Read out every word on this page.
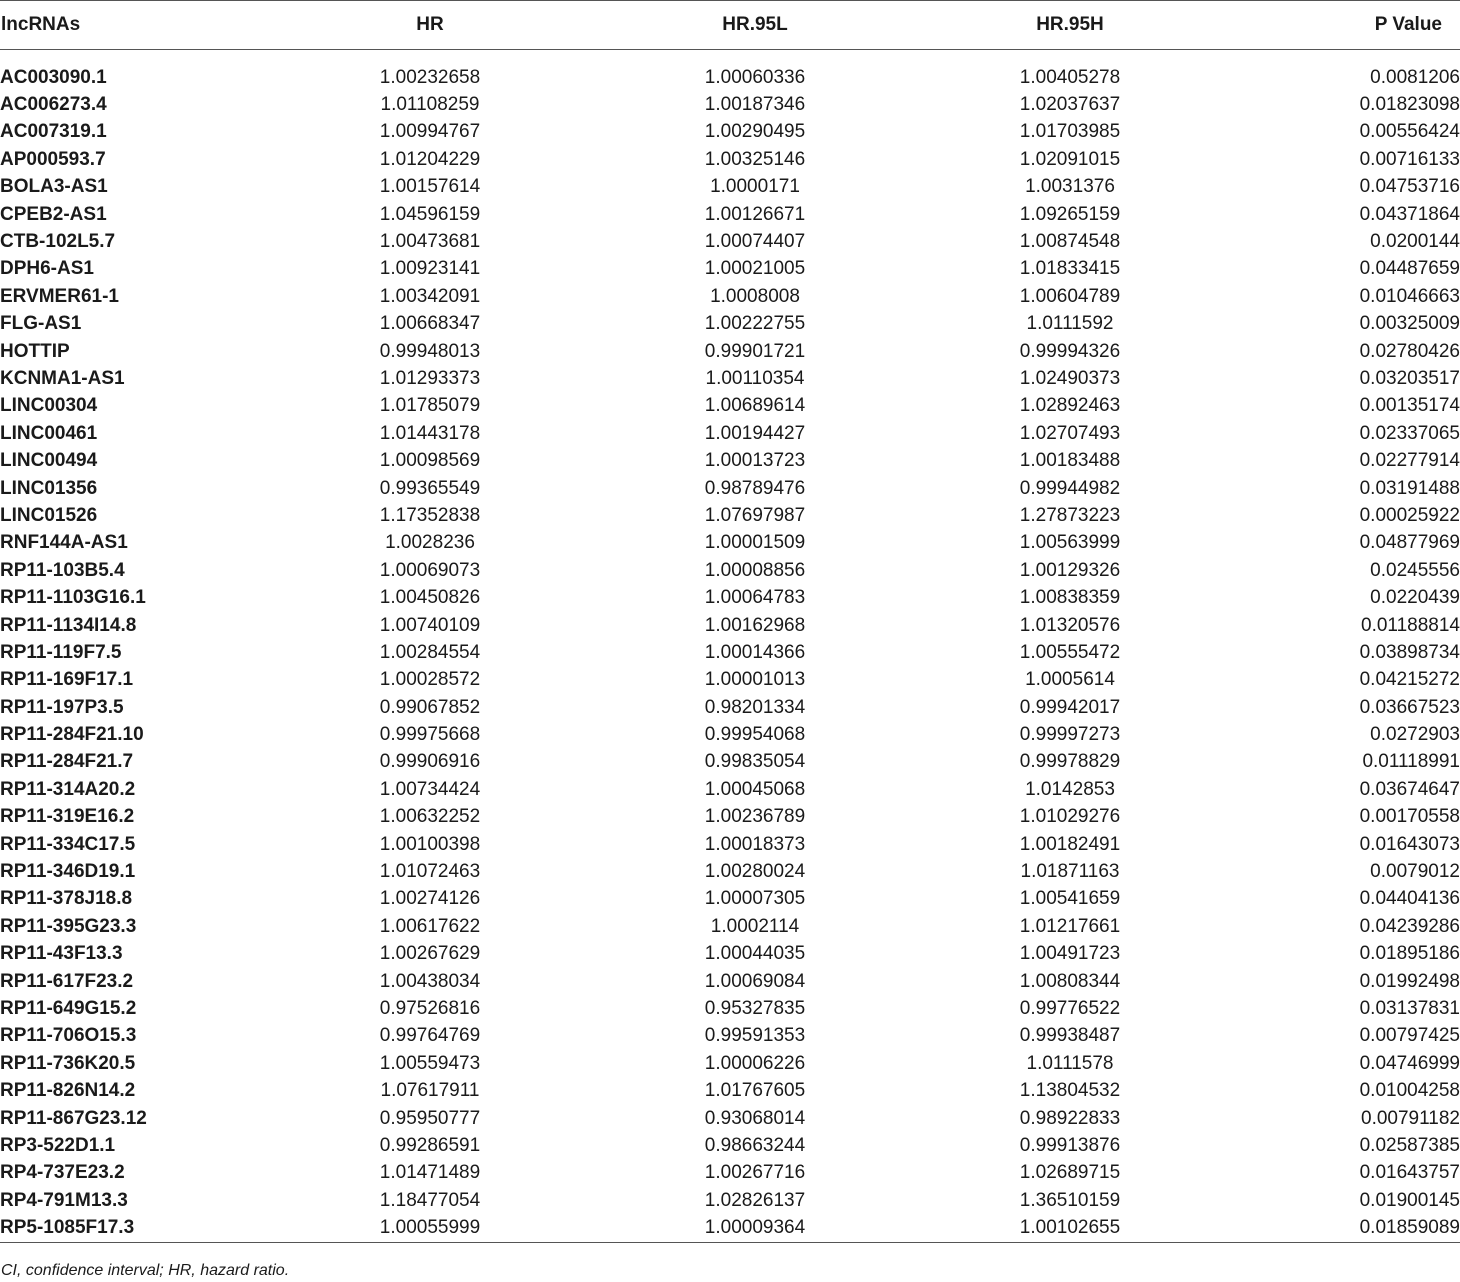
lncRNAs	HR	HR.95L	HR.95H	P Value

AC003090.1	1.00232658	1.00060336	1.00405278	0.0081206
AC006273.4	1.01108259	1.00187346	1.02037637	0.01823098
AC007319.1	1.00994767	1.00290495	1.01703985	0.00556424
AP000593.7	1.01204229	1.00325146	1.02091015	0.00716133
BOLA3-AS1	1.00157614	1.0000171	1.0031376	0.04753716
CPEB2-AS1	1.04596159	1.00126671	1.09265159	0.04371864
CTB-102L5.7	1.00473681	1.00074407	1.00874548	0.0200144
DPH6-AS1	1.00923141	1.00021005	1.01833415	0.04487659
ERVMER61-1	1.00342091	1.0008008	1.00604789	0.01046663
FLG-AS1	1.00668347	1.00222755	1.0111592	0.00325009
HOTTIP	0.99948013	0.99901721	0.99994326	0.02780426
KCNMA1-AS1	1.01293373	1.00110354	1.02490373	0.03203517
LINC00304	1.01785079	1.00689614	1.02892463	0.00135174
LINC00461	1.01443178	1.00194427	1.02707493	0.02337065
LINC00494	1.00098569	1.00013723	1.00183488	0.02277914
LINC01356	0.99365549	0.98789476	0.99944982	0.03191488
LINC01526	1.17352838	1.07697987	1.27873223	0.00025922
RNF144A-AS1	1.0028236	1.00001509	1.00563999	0.04877969
RP11-103B5.4	1.00069073	1.00008856	1.00129326	0.0245556
RP11-1103G16.1	1.00450826	1.00064783	1.00838359	0.0220439
RP11-1134I14.8	1.00740109	1.00162968	1.01320576	0.01188814
RP11-119F7.5	1.00284554	1.00014366	1.00555472	0.03898734
RP11-169F17.1	1.00028572	1.00001013	1.0005614	0.04215272
RP11-197P3.5	0.99067852	0.98201334	0.99942017	0.03667523
RP11-284F21.10	0.99975668	0.99954068	0.99997273	0.0272903
RP11-284F21.7	0.99906916	0.99835054	0.99978829	0.01118991
RP11-314A20.2	1.00734424	1.00045068	1.0142853	0.03674647
RP11-319E16.2	1.00632252	1.00236789	1.01029276	0.00170558
RP11-334C17.5	1.00100398	1.00018373	1.00182491	0.01643073
RP11-346D19.1	1.01072463	1.00280024	1.01871163	0.0079012
RP11-378J18.8	1.00274126	1.00007305	1.00541659	0.04404136
RP11-395G23.3	1.00617622	1.0002114	1.01217661	0.04239286
RP11-43F13.3	1.00267629	1.00044035	1.00491723	0.01895186
RP11-617F23.2	1.00438034	1.00069084	1.00808344	0.01992498
RP11-649G15.2	0.97526816	0.95327835	0.99776522	0.03137831
RP11-706O15.3	0.99764769	0.99591353	0.99938487	0.00797425
RP11-736K20.5	1.00559473	1.00006226	1.0111578	0.04746999
RP11-826N14.2	1.07617911	1.01767605	1.13804532	0.01004258
RP11-867G23.12	0.95950777	0.93068014	0.98922833	0.00791182
RP3-522D1.1	0.99286591	0.98663244	0.99913876	0.02587385
RP4-737E23.2	1.01471489	1.00267716	1.02689715	0.01643757
RP4-791M13.3	1.18477054	1.02826137	1.36510159	0.01900145
RP5-1085F17.3	1.00055999	1.00009364	1.00102655	0.01859089

CI, confidence interval; HR, hazard ratio.
